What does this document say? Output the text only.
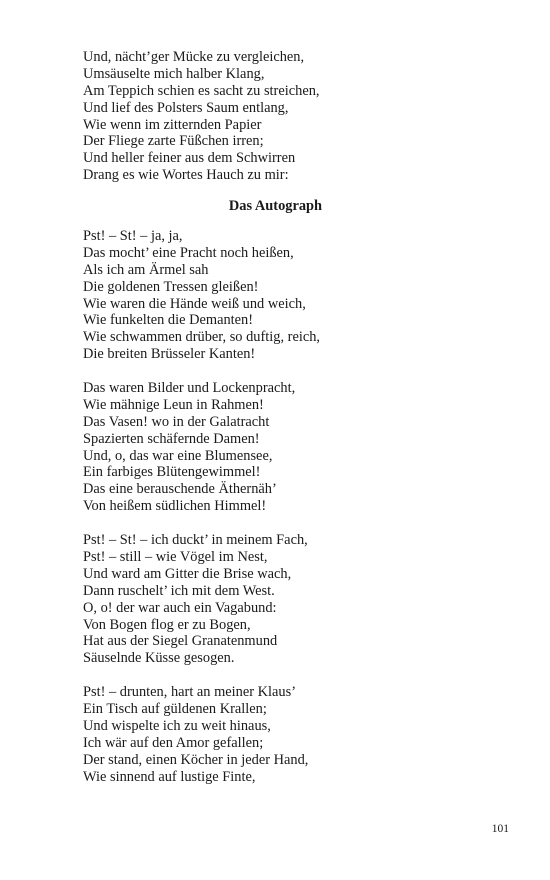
Und, nächt’ger Mücke zu vergleichen,
Umsäuselte mich halber Klang,
Am Teppich schien es sacht zu streichen,
Und lief des Polsters Saum entlang,
Wie wenn im zitternden Papier
Der Fliege zarte Füßchen irren;
Und heller feiner aus dem Schwirren
Drang es wie Wortes Hauch zu mir:
Das Autograph
Pst! – St! – ja, ja,
Das mocht’ eine Pracht noch heißen,
Als ich am Ärmel sah
Die goldenen Tressen gleißen!
Wie waren die Hände weiß und weich,
Wie funkelten die Demanten!
Wie schwammen drüber, so duftig, reich,
Die breiten Brüsseler Kanten!
Das waren Bilder und Lockenpracht,
Wie mähnige Leun in Rahmen!
Das Vasen! wo in der Galatracht
Spazierten schäfernde Damen!
Und, o, das war eine Blumensee,
Ein farbiges Blütengewimmel!
Das eine berauschende Äthernäh’
Von heißem südlichen Himmel!
Pst! – St! – ich duckt’ in meinem Fach,
Pst! – still – wie Vögel im Nest,
Und ward am Gitter die Brise wach,
Dann ruschelt’ ich mit dem West.
O, o! der war auch ein Vagabund:
Von Bogen flog er zu Bogen,
Hat aus der Siegel Granatenmund
Säuselnde Küsse gesogen.
Pst! – drunten, hart an meiner Klaus’
Ein Tisch auf güldenen Krallen;
Und wispelte ich zu weit hinaus,
Ich wär auf den Amor gefallen;
Der stand, einen Köcher in jeder Hand,
Wie sinnend auf lustige Finte,
101
